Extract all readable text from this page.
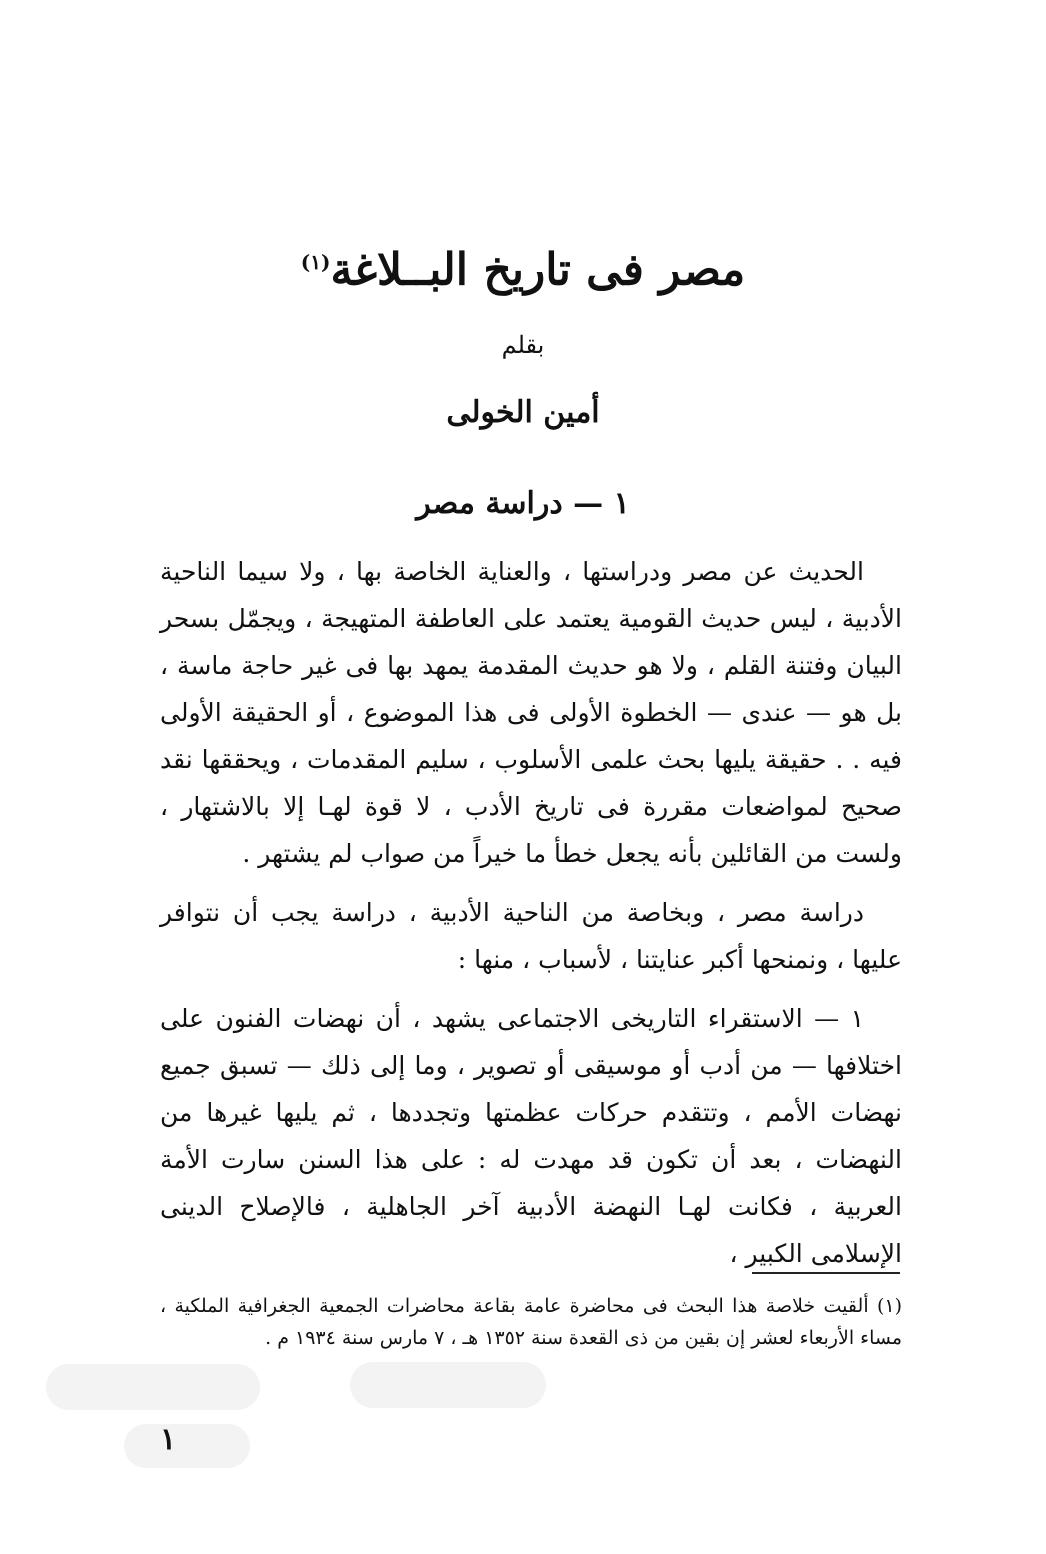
مصر فى تاريخ البــلاغة$^{(١)}$
بقلم
أمين الخولى
١ — دراسة مصر

الحديث عن مصر ودراستها ، والعناية الخاصة بها ، ولا سيما الناحية الأدبية ، ليس حديث القومية يعتمد على العاطفة المتهيجة ، ويجمّل بسحر البيان وفتنة القلم ، ولا هو حديث المقدمة يمهد بها فى غير حاجة ماسة ، بل هو — عندى — الخطوة الأولى فى هذا الموضوع ، أو الحقيقة الأولى فيه . . حقيقة يليها بحث علمى الأسلوب ، سليم المقدمات ، ويحققها نقد صحيح لمواضعات مقررة فى تاريخ الأدب ، لا قوة لهـا إلا بالاشتهار ، ولست من القائلين بأنه يجعل خطأ ما خيراً من صواب لم يشتهر .

دراسة مصر ، وبخاصة من الناحية الأدبية ، دراسة يجب أن نتوافر عليها ، ونمنحها أكبر عنايتنا ، لأسباب ، منها :

١ — الاستقراء التاريخى الاجتماعى يشهد ، أن نهضات الفنون على اختلافها — من أدب أو موسيقى أو تصوير ، وما إلى ذلك — تسبق جميع نهضات الأمم ، وتتقدم حركات عظمتها وتجددها ، ثم يليها غيرها من النهضات ، بعد أن تكون قد مهدت له : على هذا السنن سارت الأمة العربية ، فكانت لهـا النهضة الأدبية آخر الجاهلية ، فالإصلاح الدينى الإسلامى الكبير ،

(١) ألقيت خلاصة هذا البحث فى محاضرة عامة بقاعة محاضرات الجمعية الجغرافية الملكية ، مساء الأربعاء لعشر إن بقين من ذى القعدة سنة ١٣٥٢ هـ ، ٧ مارس سنة ١٩٣٤ م .
١
